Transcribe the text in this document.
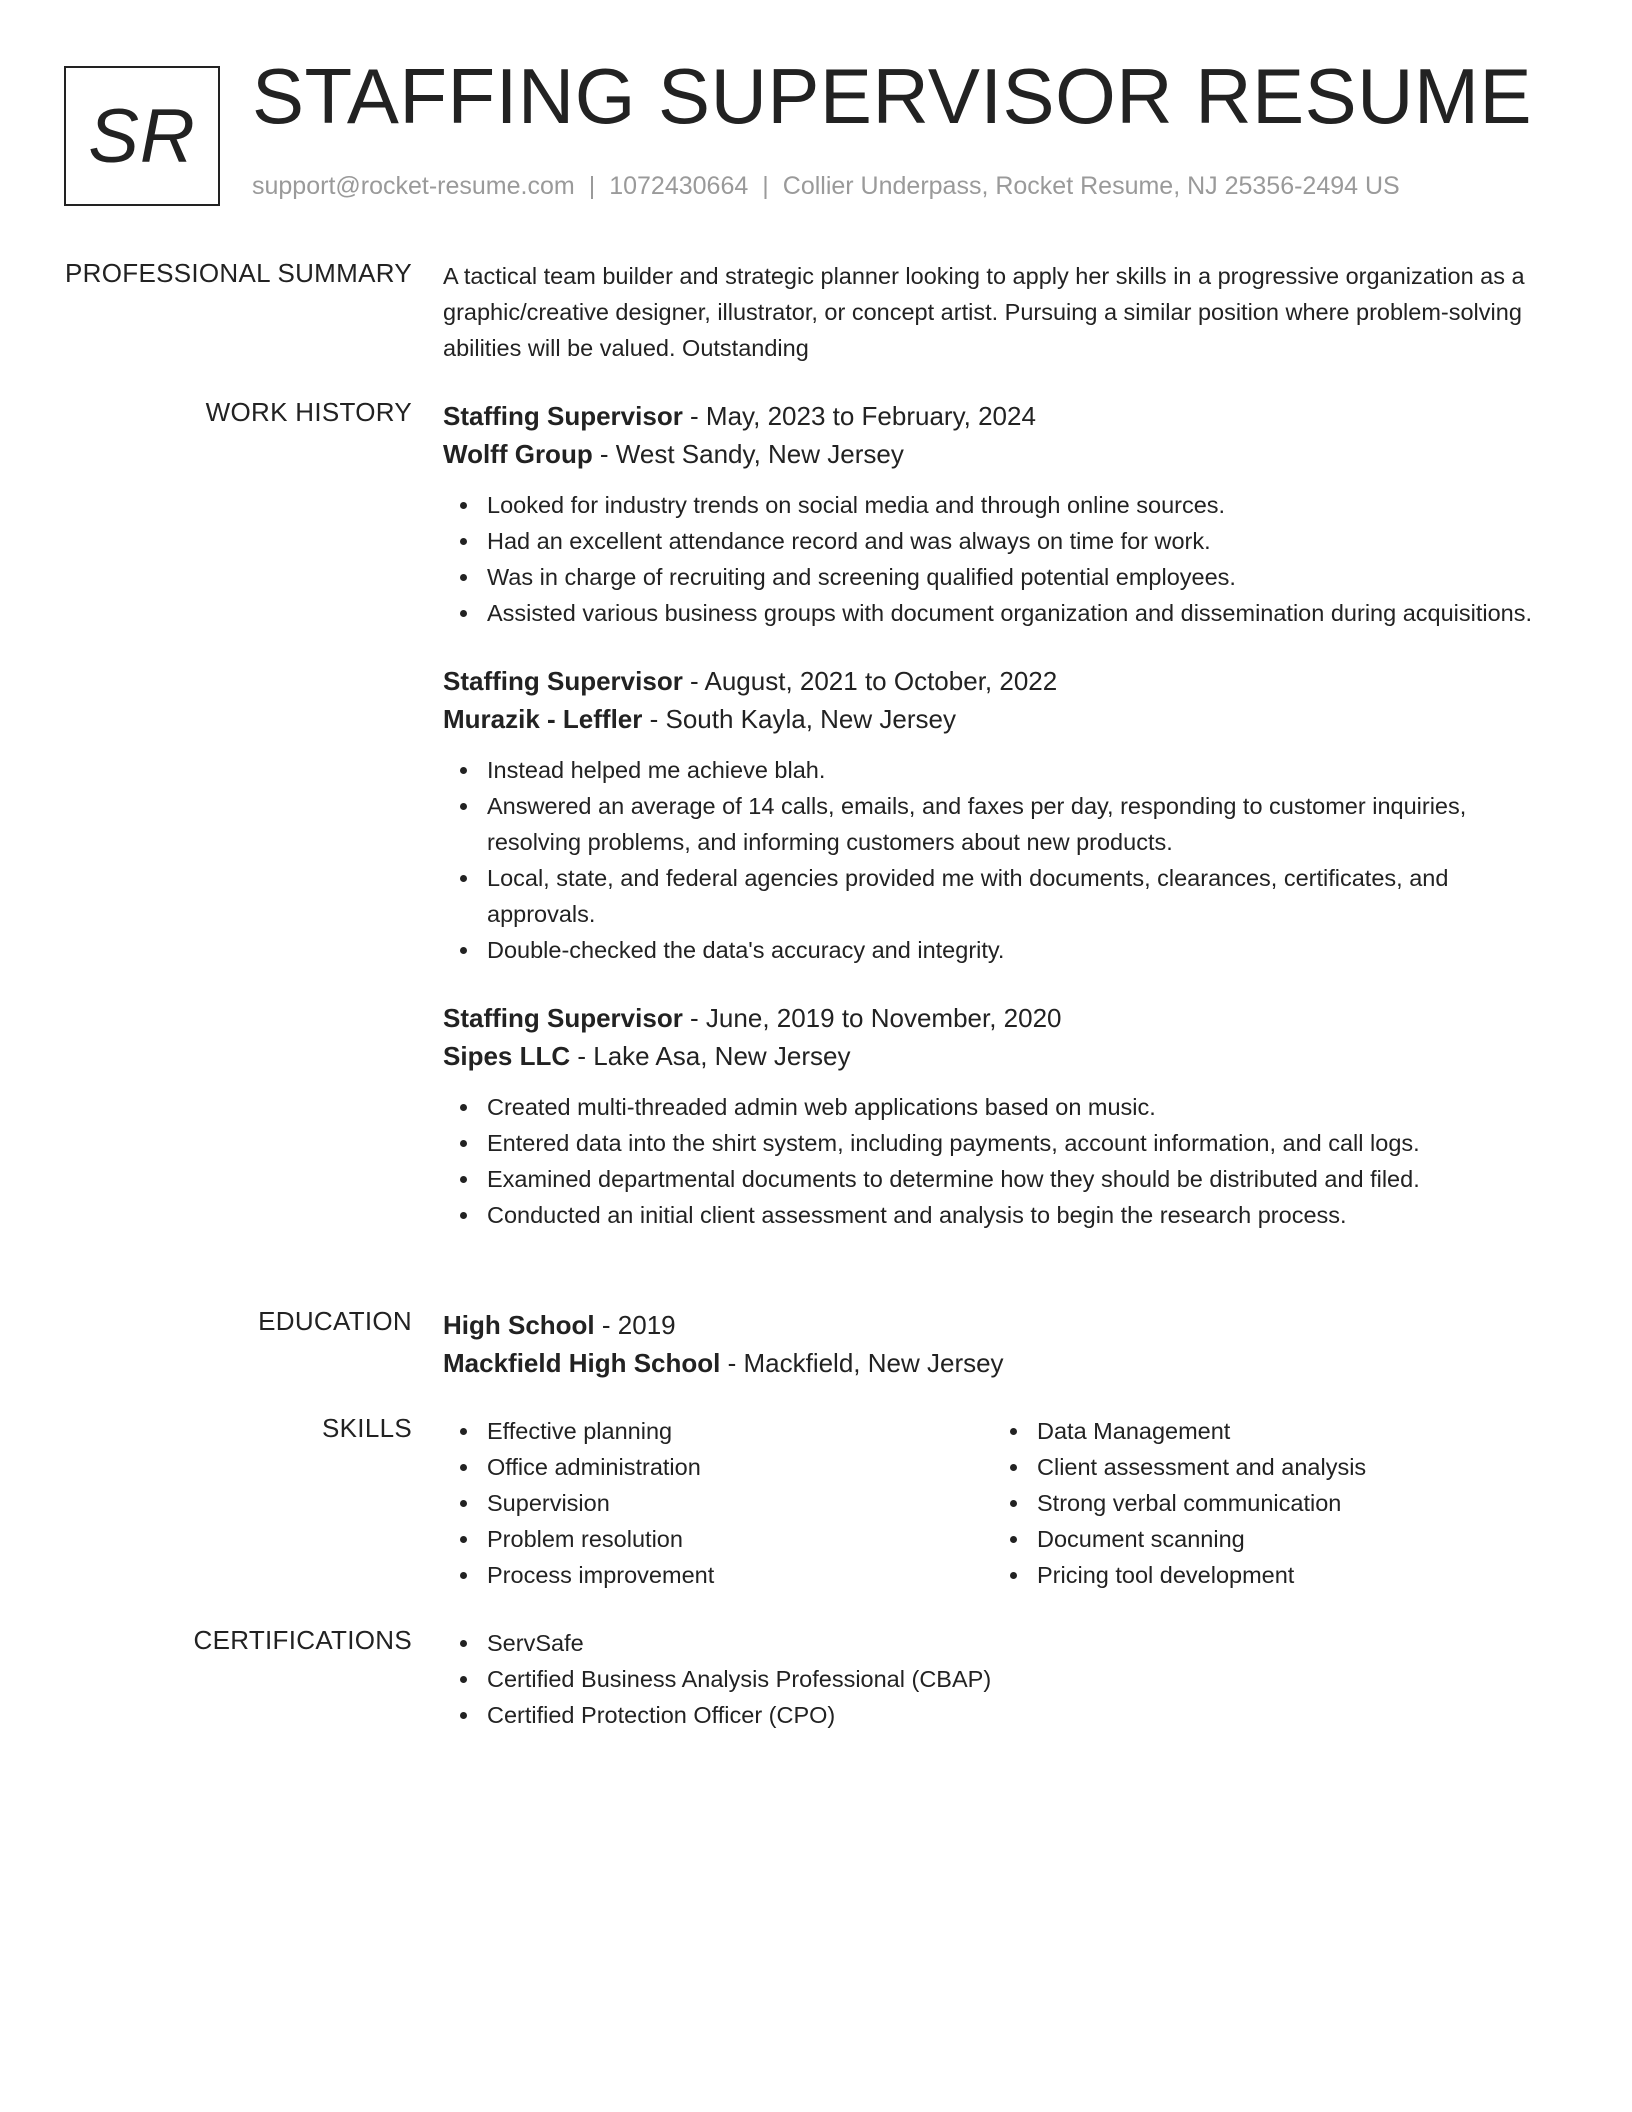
SR STAFFING SUPERVISOR RESUME
support@rocket-resume.com | 1072430664 | Collier Underpass, Rocket Resume, NJ 25356-2494 US
PROFESSIONAL SUMMARY A tactical team builder and strategic planner looking to apply her skills in a progressive organization as a graphic/creative designer, illustrator, or concept artist. Pursuing a similar position where problem-solving abilities will be valued. Outstanding

WORK HISTORY Staffing Supervisor - May, 2023 to February, 2024

Wolff Group - West Sandy, New Jersey

Looked for industry trends on social media and through online sources.
Had an excellent attendance record and was always on time for work.
Was in charge of recruiting and screening qualified potential employees.
Assisted various business groups with document organization and dissemination during acquisitions.

Staffing Supervisor - August, 2021 to October, 2022

Murazik - Leffler - South Kayla, New Jersey

Instead helped me achieve blah.
Answered an average of 14 calls, emails, and faxes per day, responding to customer inquiries, resolving problems, and informing customers about new products.
Local, state, and federal agencies provided me with documents, clearances, certificates, and approvals.
Double-checked the data's accuracy and integrity.

Staffing Supervisor - June, 2019 to November, 2020

Sipes LLC - Lake Asa, New Jersey

Created multi-threaded admin web applications based on music.
Entered data into the shirt system, including payments, account information, and call logs.
Examined departmental documents to determine how they should be distributed and filed.
Conducted an initial client assessment and analysis to begin the research process.
EDUCATION High School - 2019

Mackfield High School - Mackfield, New Jersey

SKILLS	Effective planning
Office administration
Supervision
Problem resolution
Process improvement
Data Management
Client assessment and analysis
Strong verbal communication
Document scanning
Pricing tool development
CERTIFICATIONS	ServSafe
Certified Business Analysis Professional (CBAP)
Certified Protection Officer (CPO)
